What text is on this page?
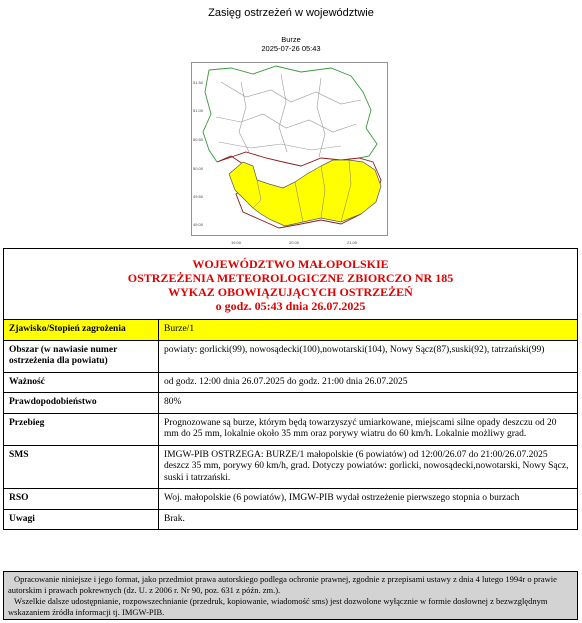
Zasięg ostrzeżeń w województwie
Burze
2025-07-26 05:43
51.50
51.00
50.50
50.00
49.50
49.00
19.00	20.00	21.00
WOJEWÓDZTWO MAŁOPOLSKIE
OSTRZEŻENIA METEOROLOGICZNE ZBIORCZO NR 185
WYKAZ OBOWIĄZUJĄCYCH OSTRZEŻEŃ
o godz. 05:43 dnia 26.07.2025	

Zjawisko/Stopień zagrożenia	Burze/1
Obszar (w nawiasie numer ostrzeżenia dla powiatu)	powiaty: gorlicki(99), nowosądecki(100),nowotarski(104), Nowy Sącz(87),suski(92), tatrzański(99)
Ważność	od godz. 12:00 dnia 26.07.2025 do godz. 21:00 dnia 26.07.2025
Prawdopodobieństwo	80%
Przebieg	Prognozowane są burze, którym będą towarzyszyć umiarkowane, miejscami silne opady deszczu od 20 mm do 25 mm, lokalnie około 35 mm oraz porywy wiatru do 60 km/h. Lokalnie możliwy grad.
SMS	IMGW-PIB OSTRZEGA: BURZE/1 małopolskie (6 powiatów) od 12:00/26.07 do 21:00/26.07.2025 deszcz 35 mm, porywy 60 km/h, grad. Dotyczy powiatów: gorlicki, nowosądecki,nowotarski, Nowy Sącz, suski i tatrzański.
RSO	Woj. małopolskie (6 powiatów), IMGW-PIB wydał ostrzeżenie pierwszego stopnia o burzach
Uwagi	Brak.

Opracowanie niniejsze i jego format, jako przedmiot prawa autorskiego podlega ochronie prawnej, zgodnie z przepisami ustawy z dnia 4 lutego 1994r o prawie autorskim i prawach pokrewnych (dz. U. z 2006 r. Nr 90, poz. 631 z późn. zm.).

Wszelkie dalsze udostępnianie, rozpowszechnianie (przedruk, kopiowanie, wiadomość sms) jest dozwolone wyłącznie w formie dosłownej z bezwzględnym wskazaniem źródła informacji tj. IMGW-PIB.
